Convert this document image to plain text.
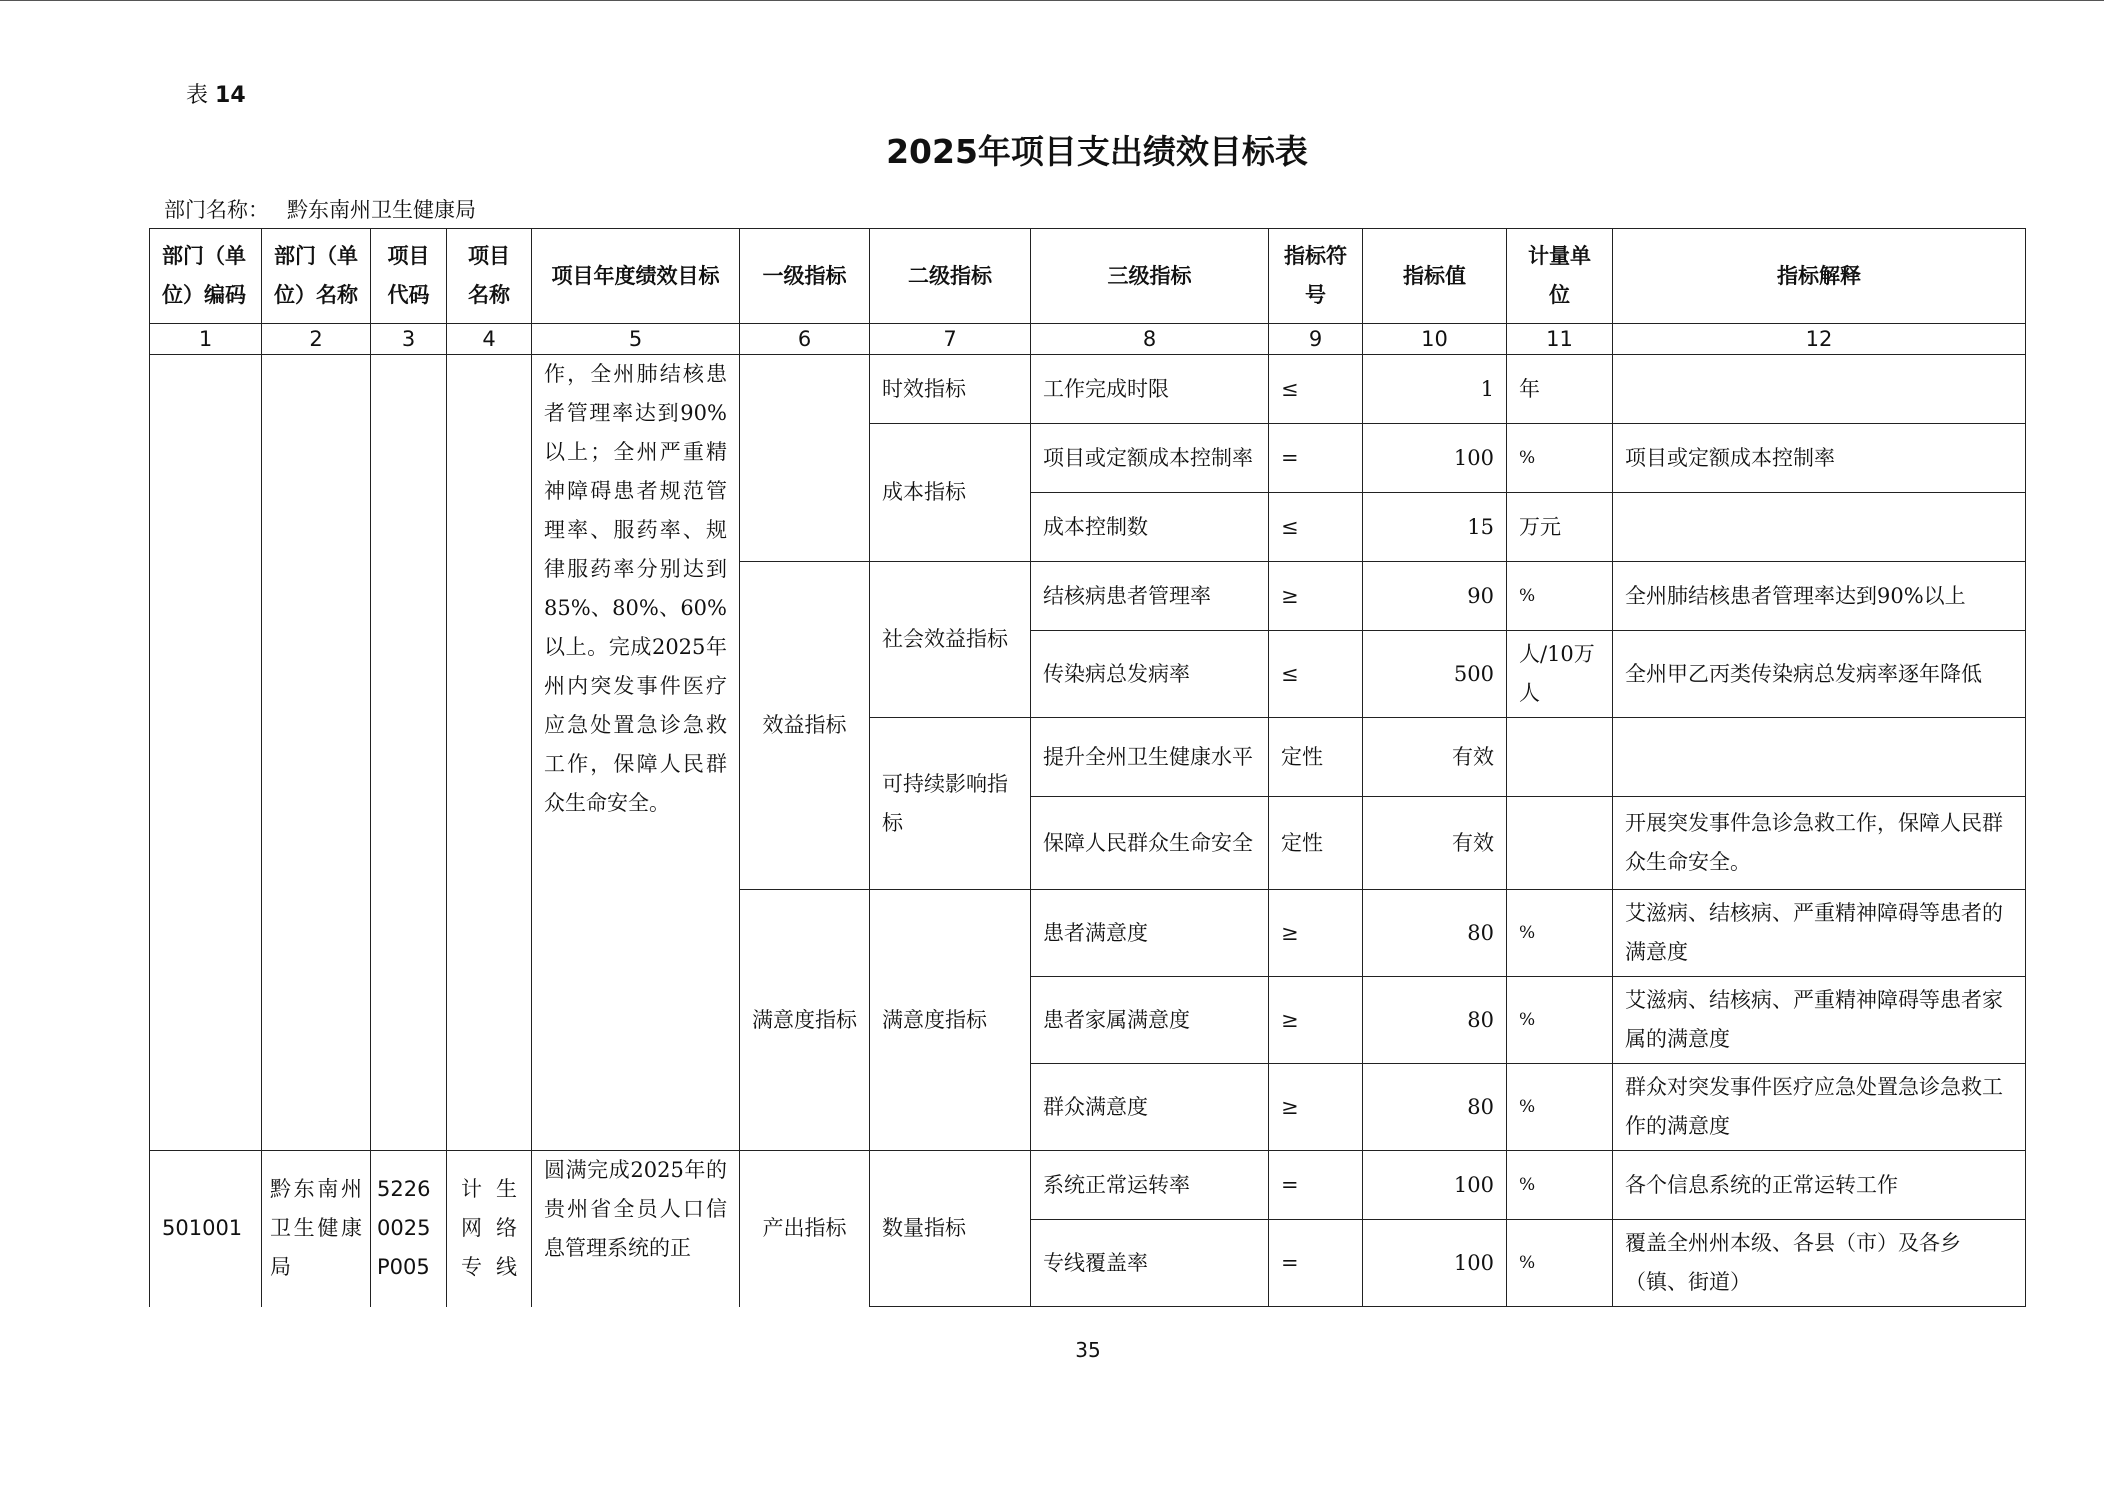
表 14
2025年项目支出绩效目标表
部门名称： 黔东南州卫生健康局
部门（单位）编码	部门（单位）名称	项目代码	项目名称	项目年度绩效目标	一级指标	二级指标	三级指标	指标符号	指标值	计量单位	指标解释
1	2	3	4	5	6	7	8	9	10	11	12
				作，全州肺结核患者管理率达到90%以上；全州严重精神障碍患者规范管理率、服药率、规律服药率分别达到85%、80%、60%以上。完成2025年州内突发事件医疗应急处置急诊急救工作，保障人民群众生命安全。		时效指标	工作完成时限	≤	1	年	
						成本指标	项目或定额成本控制率	=	100	%	项目或定额成本控制率
							成本控制数	≤	15	万元	
					效益指标	社会效益指标	结核病患者管理率	≥	90	%	全州肺结核患者管理率达到90%以上
							传染病总发病率	≤	500	人/10万人	全州甲乙丙类传染病总发病率逐年降低
						可持续影响指标	提升全州卫生健康水平	定性	有效		
							保障人民群众生命安全	定性	有效		开展突发事件急诊急救工作，保障人民群众生命安全。
					满意度指标	满意度指标	患者满意度	≥	80	%	艾滋病、结核病、严重精神障碍等患者的满意度
							患者家属满意度	≥	80	%	艾滋病、结核病、严重精神障碍等患者家属的满意度
							群众满意度	≥	80	%	群众对突发事件医疗应急处置急诊急救工作的满意度
501001	黔东南州卫生健康局	52260025P005	计生网络专线	圆满完成2025年的贵州省全员人口信息管理系统的正	产出指标	数量指标	系统正常运转率	=	100	%	各个信息系统的正常运转工作
							专线覆盖率	=	100	%	覆盖全州州本级、各县（市）及各乡（镇、街道）
35
